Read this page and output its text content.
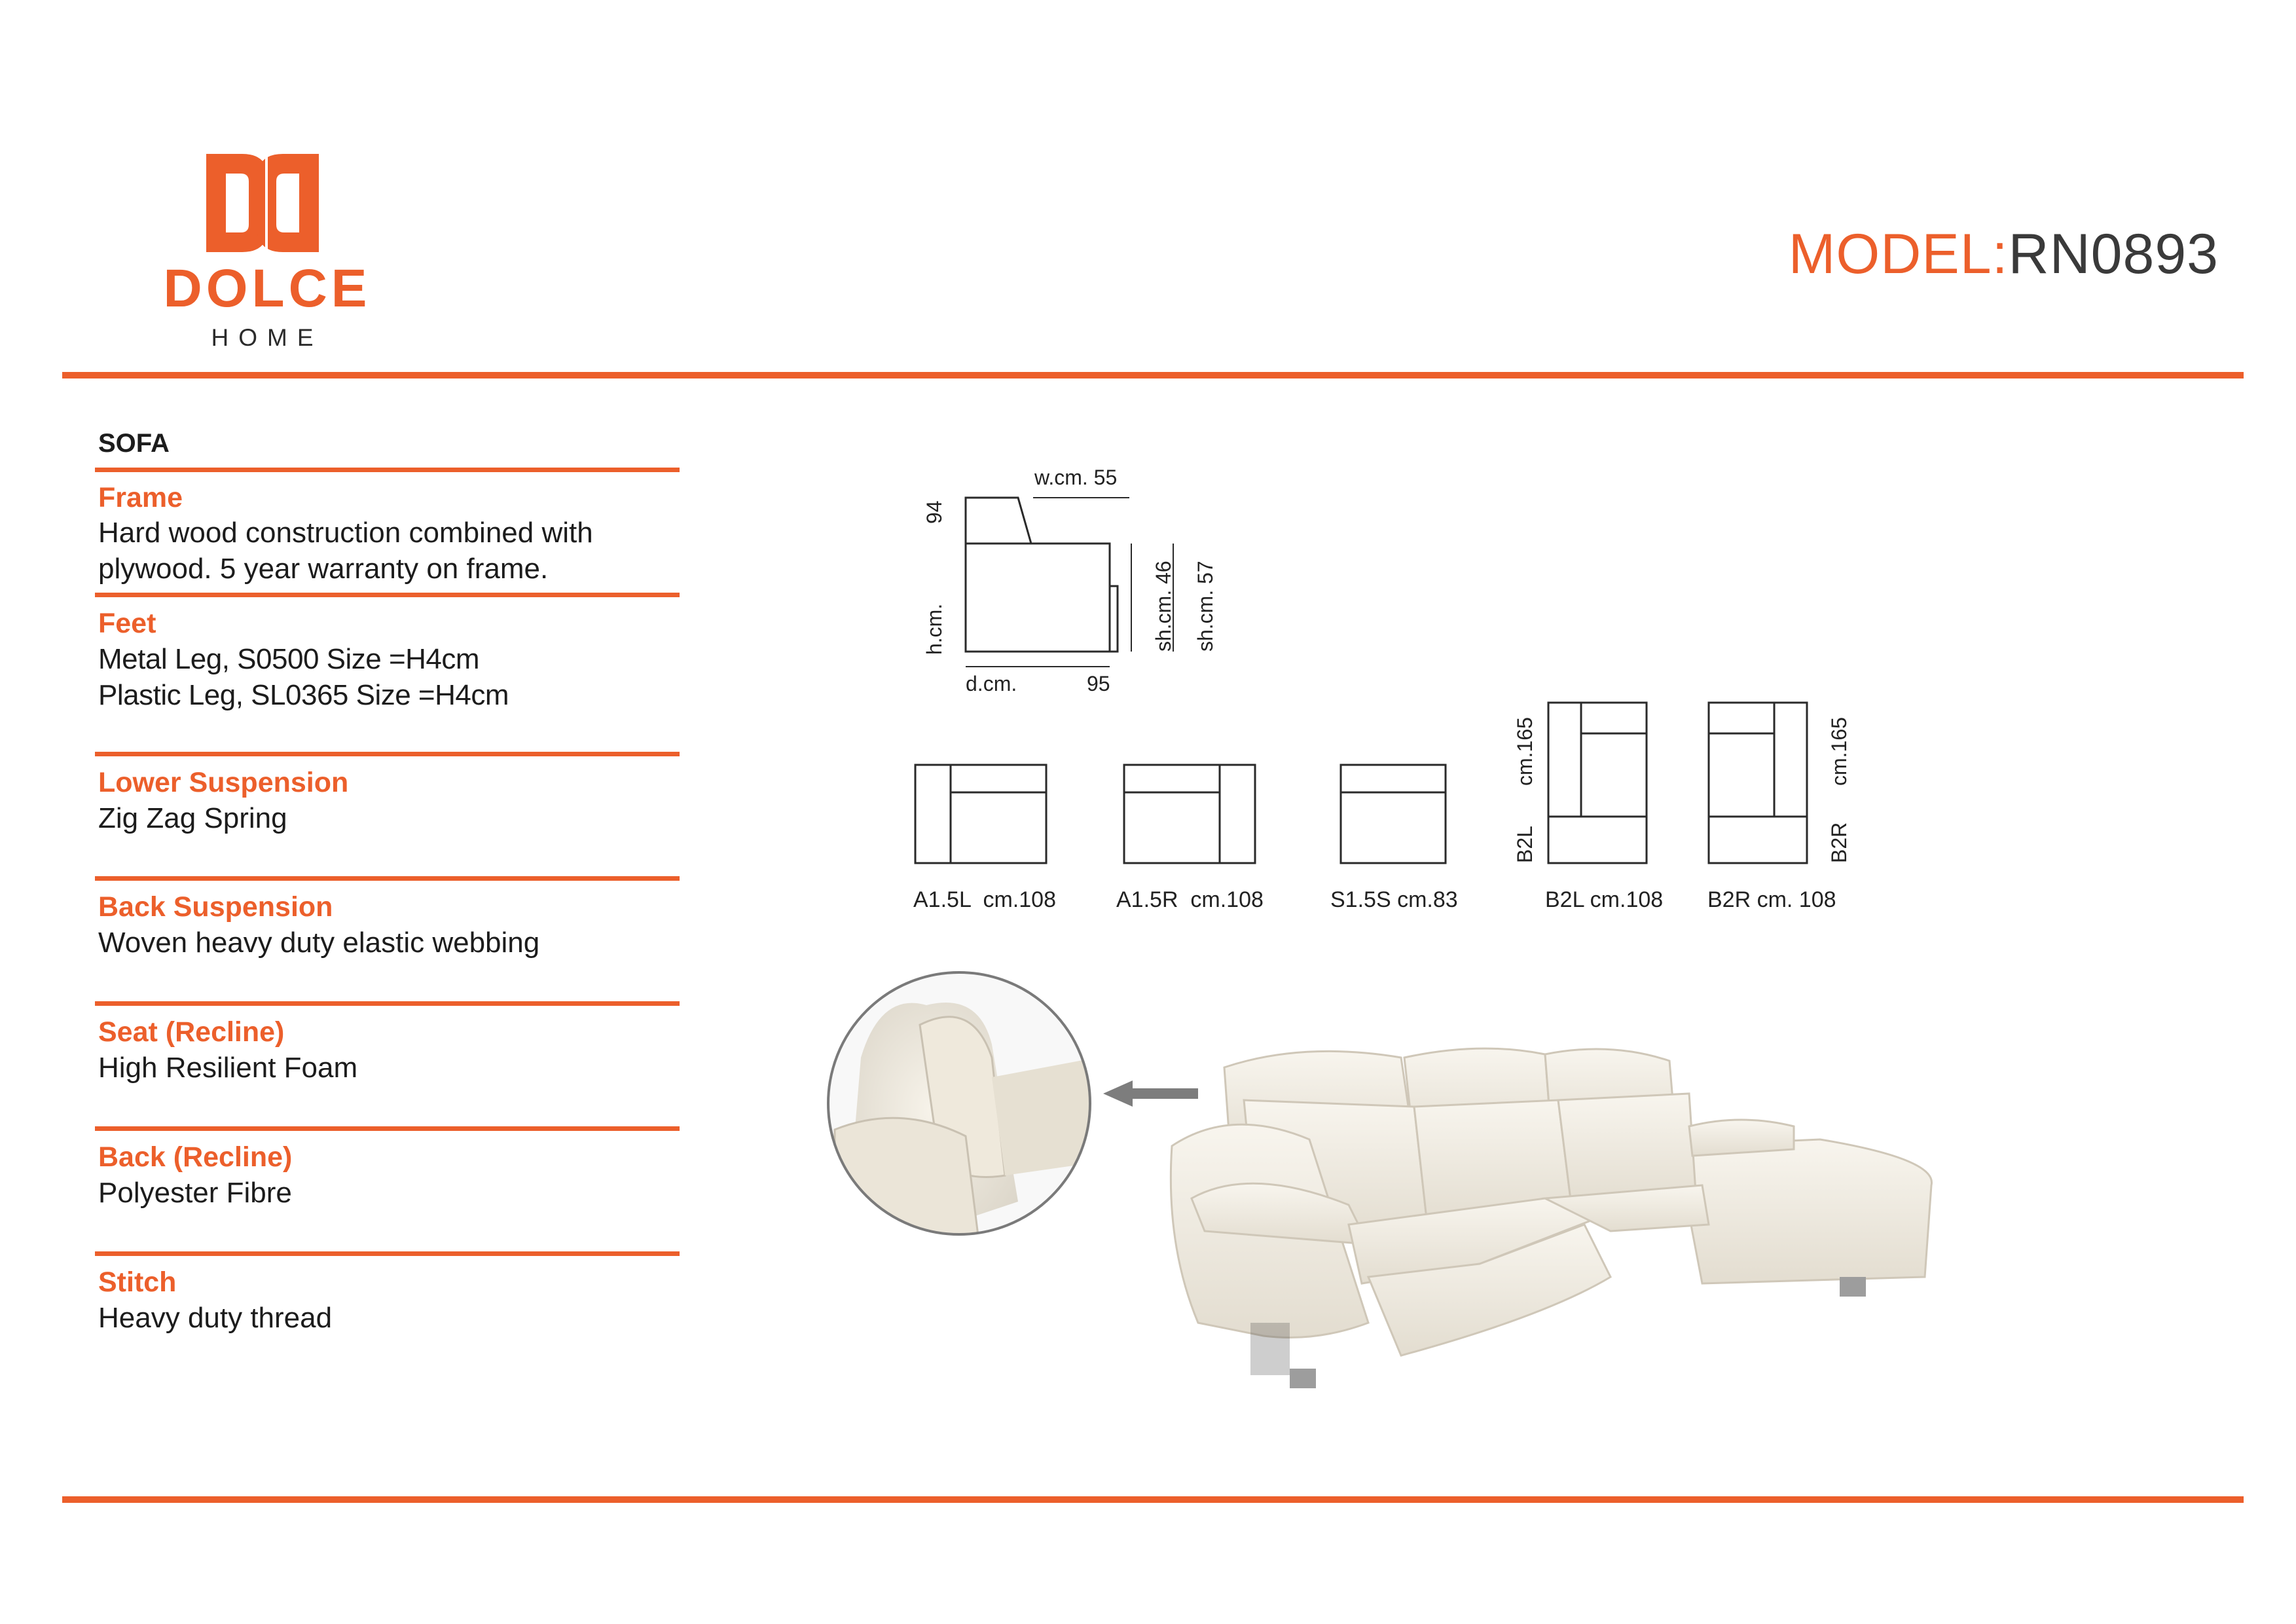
DOLCE
HOME
MODEL:RN0893
SOFA
Frame
Hard wood construction combined with
plywood. 5 year warranty on frame.
Feet
Metal Leg, S0500 Size =H4cm
Plastic Leg, SL0365 Size =H4cm
Lower Suspension
Zig Zag Spring
Back Suspension
Woven heavy duty elastic webbing
Seat (Recline)
High Resilient Foam
Back (Recline)
Polyester Fibre
Stitch
Heavy duty thread
w.cm. 55
94
h.cm.
d.cm.	95
sh.cm. 46 sh.cm. 57
A1.5L  cm.108	A1.5R  cm.108	S1.5S cm.83	B2L cm.108 B2R cm. 108
B2L
cm.165
B2R
cm.165
